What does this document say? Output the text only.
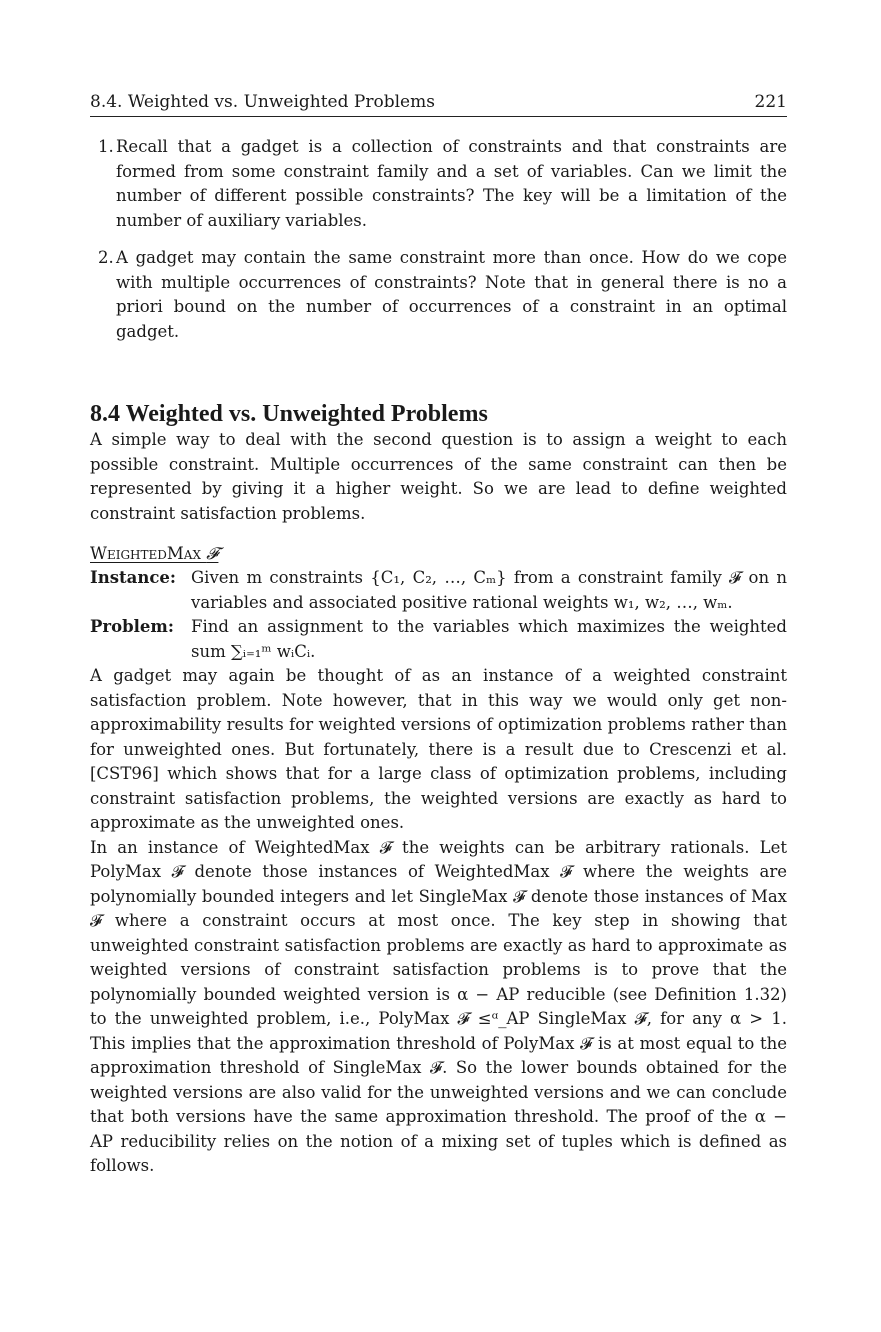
8.4. Weighted vs. Unweighted Problems	221
1. Recall that a gadget is a collection of constraints and that constraints are formed from some constraint family and a set of variables. Can we limit the number of different possible constraints? The key will be a limitation of the number of auxiliary variables.
2. A gadget may contain the same constraint more than once. How do we cope with multiple occurrences of constraints? Note that in general there is no a priori bound on the number of occurrences of a constraint in an optimal gadget.
8.4 Weighted vs. Unweighted Problems

A simple way to deal with the second question is to assign a weight to each possible constraint. Multiple occurrences of the same constraint can then be represented by giving it a higher weight. So we are lead to define weighted constraint satisfaction problems.

WeightedMax 𝓕
Instance: Given m constraints {C₁, C₂, …, Cₘ} from a constraint family 𝓕 on n variables and associated positive rational weights w₁, w₂, …, wₘ.
Problem:	Find an assignment to the variables which maximizes the weighted sum ∑ᵢ₌₁ᵐ wᵢCᵢ.

A gadget may again be thought of as an instance of a weighted constraint satisfaction problem. Note however, that in this way we would only get non-approximability results for weighted versions of optimization problems rather than for unweighted ones. But fortunately, there is a result due to Crescenzi et al. [CST96] which shows that for a large class of optimization problems, including constraint satisfaction problems, the weighted versions are exactly as hard to approximate as the unweighted ones.

In an instance of WeightedMax 𝓕 the weights can be arbitrary rationals. Let PolyMax 𝓕 denote those instances of WeightedMax 𝓕 where the weights are polynomially bounded integers and let SingleMax 𝓕 denote those instances of Max 𝓕 where a constraint occurs at most once. The key step in showing that unweighted constraint satisfaction problems are exactly as hard to approximate as weighted versions of constraint satisfaction problems is to prove that the polynomially bounded weighted version is α − AP reducible (see Definition 1.32) to the unweighted problem, i.e., PolyMax 𝓕 ≤ᵅ_AP SingleMax 𝓕, for any α > 1. This implies that the approximation threshold of PolyMax 𝓕 is at most equal to the approximation threshold of SingleMax 𝓕. So the lower bounds obtained for the weighted versions are also valid for the unweighted versions and we can conclude that both versions have the same approximation threshold. The proof of the α − AP reducibility relies on the notion of a mixing set of tuples which is defined as follows.
